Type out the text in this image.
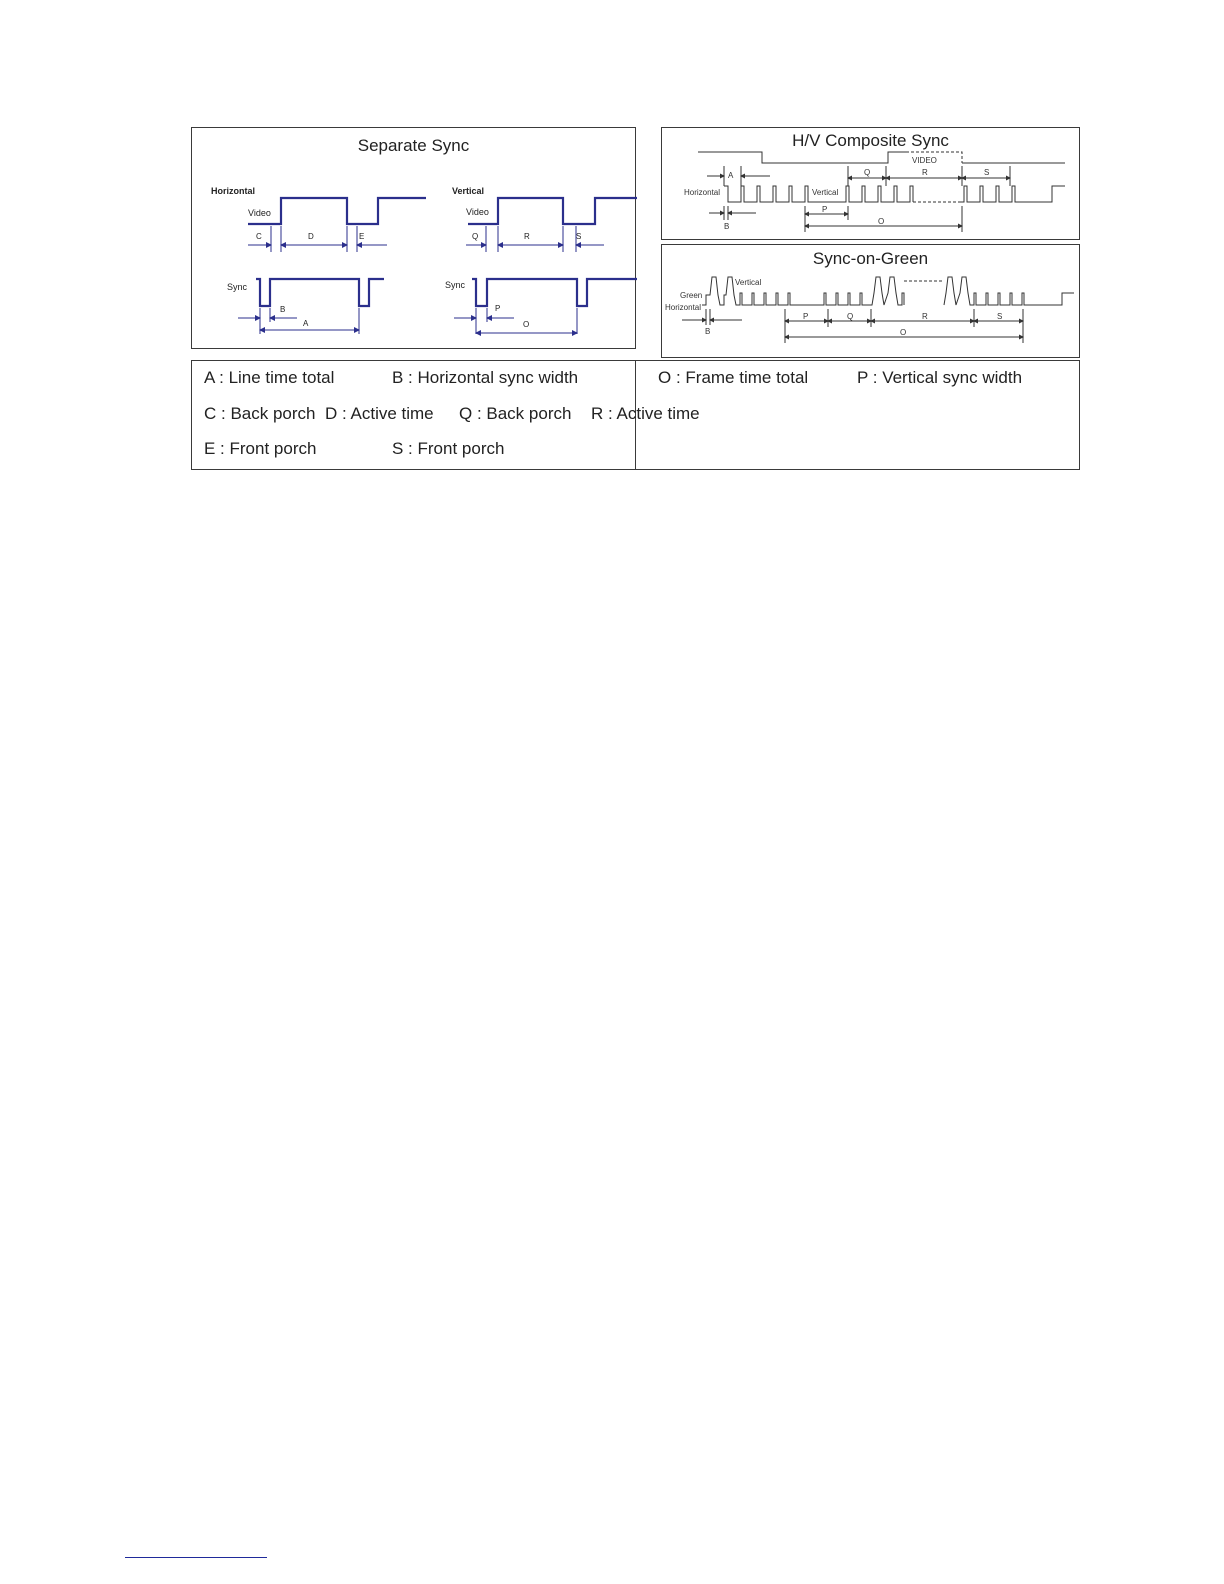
Separate Sync
Horizontal
Video
C	D	E
Sync
B
A
Vertical
Video
Q	R	S
Sync
P
O
H/V Composite Sync
VIDEO
A
Horizontal	Vertical
Q	R	S
B
P
O
Sync-on-Green
Green
Horizontal
Vertical
B
P	Q	R	S
O
A : Line time total	B : Horizontal sync width	O : Frame time total	P : Vertical sync width
C : Back porch D : Active time Q : Back porch R : Active time
E : Front porch	S : Front porch
